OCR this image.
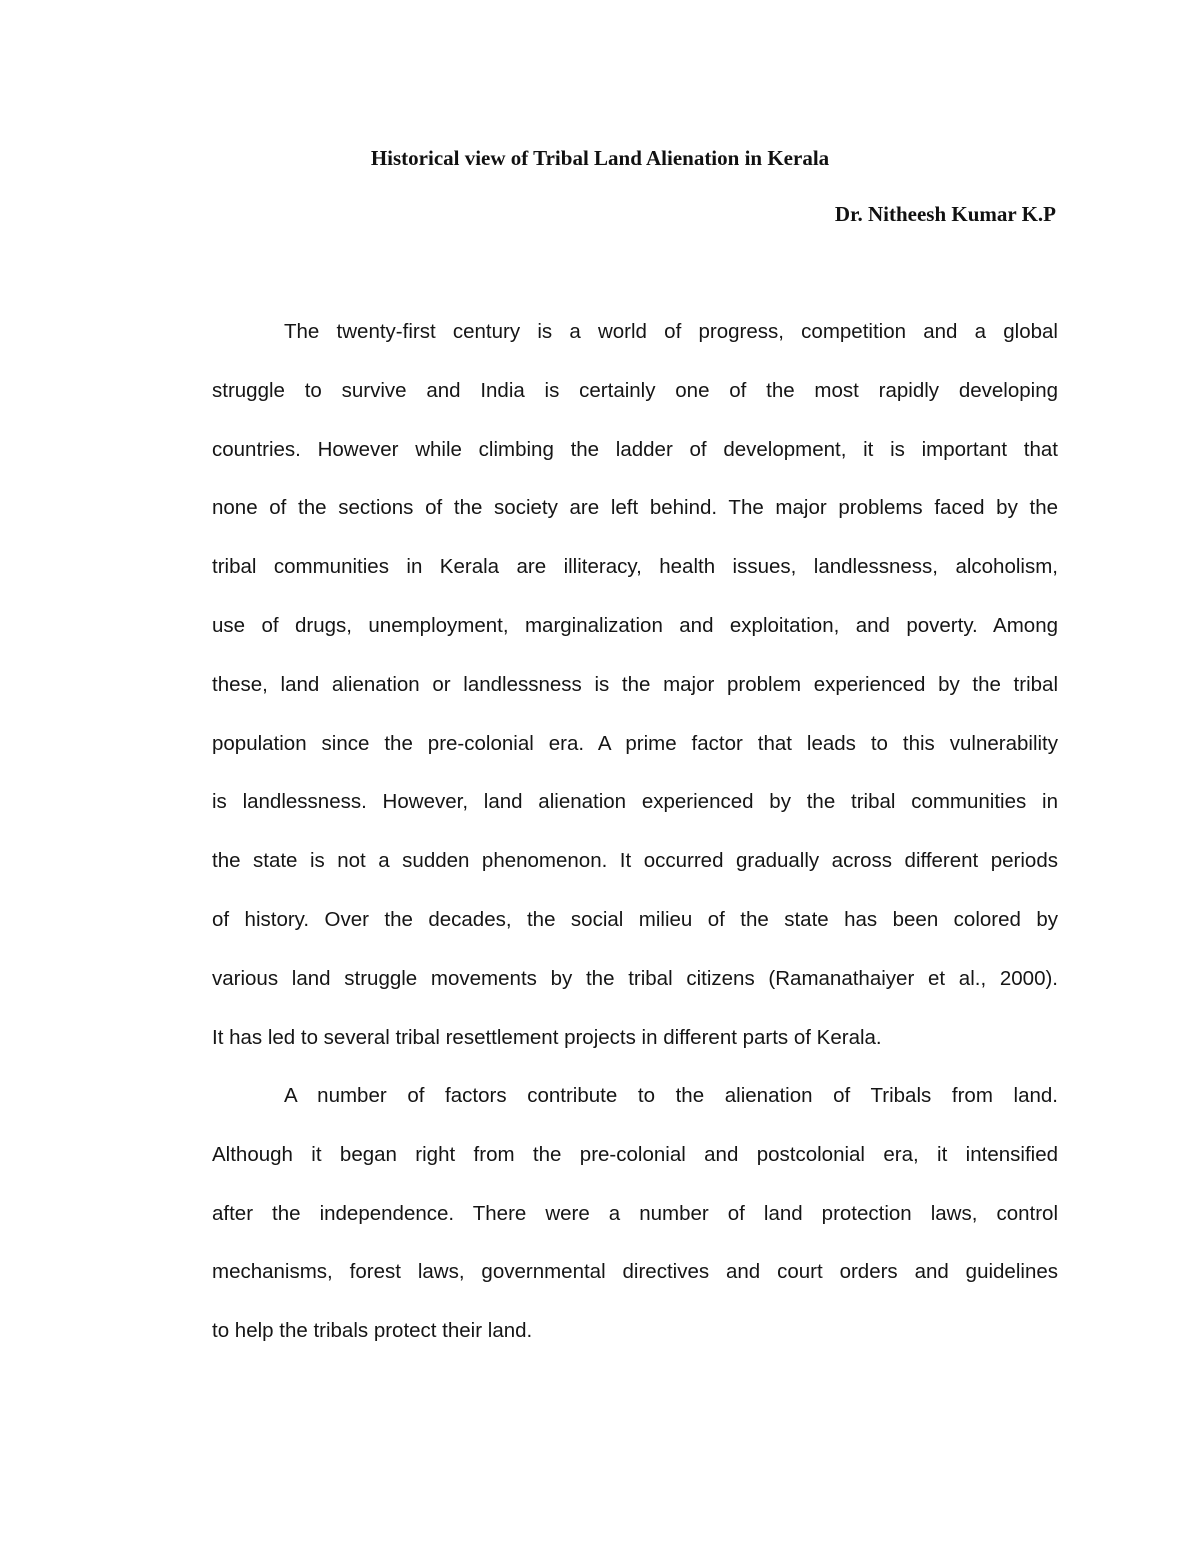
Historical view of Tribal Land Alienation in Kerala
Dr. Nitheesh Kumar K.P
The twenty-first century is a world of progress, competition and a global
struggle to survive and India is certainly one of the most rapidly developing
countries. However while climbing the ladder of development, it is important that
none of the sections of the society are left behind. The major problems faced by the
tribal communities in Kerala are illiteracy, health issues, landlessness, alcoholism,
use of drugs, unemployment, marginalization and exploitation, and poverty. Among
these, land alienation or landlessness is the major problem experienced by the tribal
population since the pre-colonial era. A prime factor that leads to this vulnerability
is landlessness. However, land alienation experienced by the tribal communities in
the state is not a sudden phenomenon. It occurred gradually across different periods
of history. Over the decades, the social milieu of the state has been colored by
various land struggle movements by the tribal citizens (Ramanathaiyer et al., 2000).
It has led to several tribal resettlement projects in different parts of Kerala.
A number of factors contribute to the alienation of Tribals from land.
Although it began right from the pre-colonial and postcolonial era, it intensified
after the independence. There were a number of land protection laws, control
mechanisms, forest laws, governmental directives and court orders and guidelines
to help the tribals protect their land.
